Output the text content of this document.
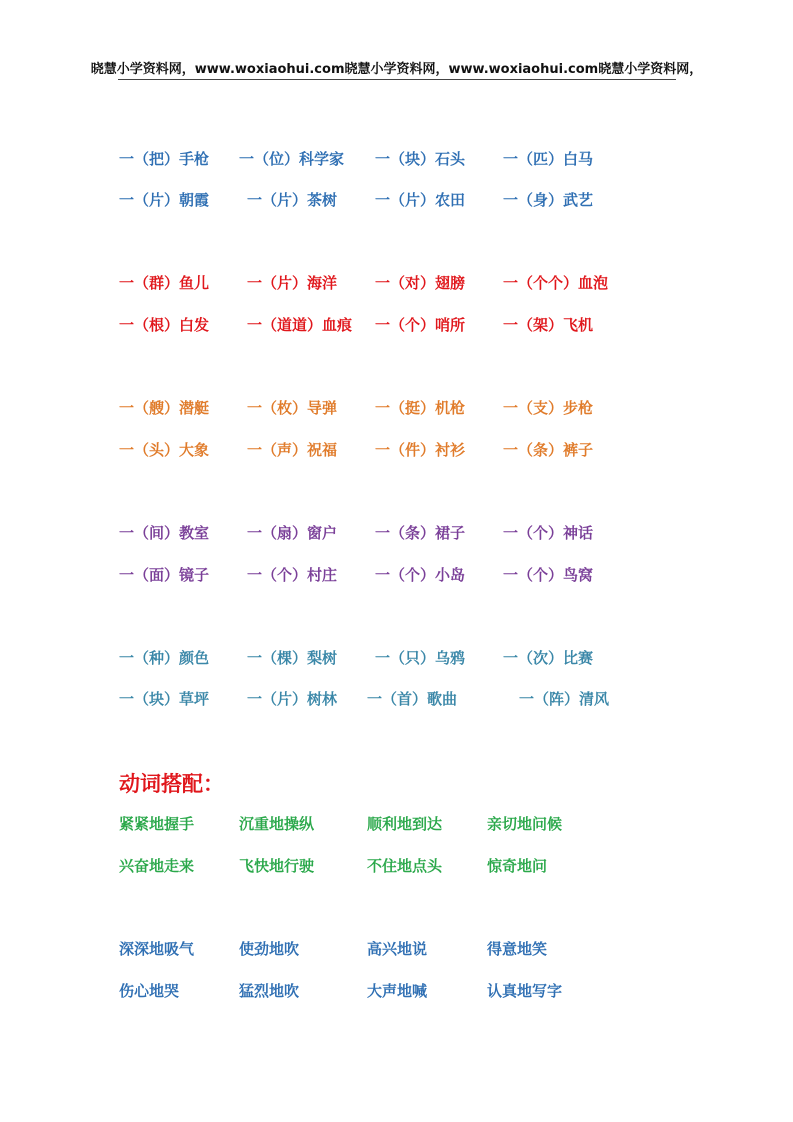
晓慧小学资料网，www.woxiaohui.com晓慧小学资料网，www.woxiaohui.com晓慧小学资料网，
一（把）手枪 一（位）科学家 一（块）石头	一（匹）白马
一（片）朝霞	一（片）茶树	一（片）农田	一（身）武艺
一（群）鱼儿	一（片）海洋	一（对）翅膀	一（个个）血泡
一（根）白发	一（道道）血痕 一（个）哨所	一（架）飞机
一（艘）潜艇	一（枚）导弹	一（挺）机枪	一（支）步枪
一（头）大象	一（声）祝福	一（件）衬衫	一（条）裤子
一（间）教室	一（扇）窗户	一（条）裙子	一（个）神话
一（面）镜子	一（个）村庄	一（个）小岛	一（个）鸟窝
一（种）颜色	一（棵）梨树	一（只）乌鸦	一（次）比赛
一（块）草坪	一（片）树林 一（首）歌曲	一（阵）清风
动词搭配：
紧紧地握手	沉重地操纵	顺利地到达	亲切地问候
兴奋地走来	飞快地行驶	不住地点头	惊奇地问
深深地吸气	使劲地吹	高兴地说	得意地笑
伤心地哭	猛烈地吹	大声地喊	认真地写字
